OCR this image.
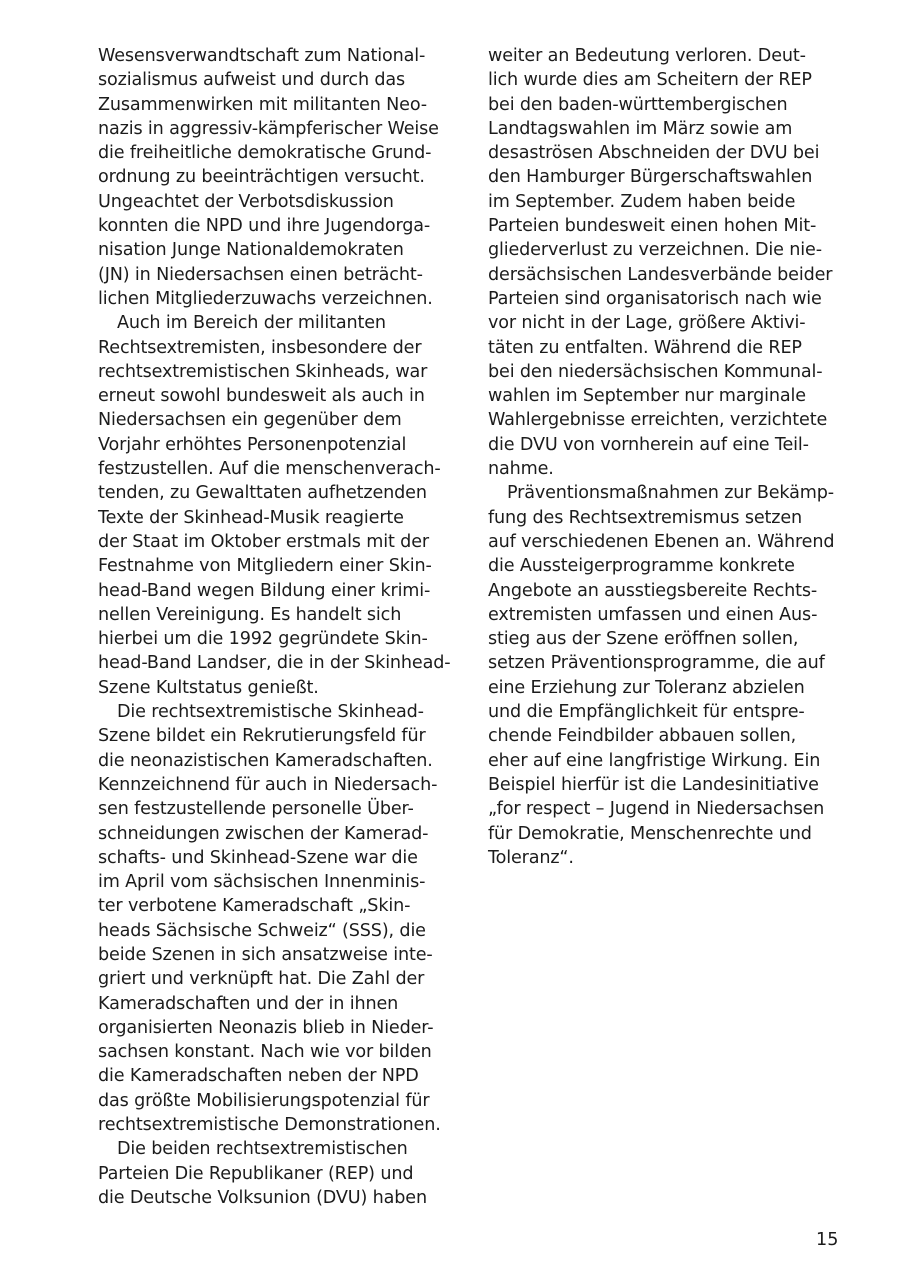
Wesensverwandtschaft zum National-
sozialismus aufweist und durch das
Zusammenwirken mit militanten Neo-
nazis in aggressiv-kämpferischer Weise
die freiheitliche demokratische Grund-
ordnung zu beeinträchtigen versucht.
Ungeachtet der Verbotsdiskussion
konnten die NPD und ihre Jugendorga-
nisation Junge Nationaldemokraten
(JN) in Niedersachsen einen beträcht-
lichen Mitgliederzuwachs verzeichnen.
Auch im Bereich der militanten
Rechtsextremisten, insbesondere der
rechtsextremistischen Skinheads, war
erneut sowohl bundesweit als auch in
Niedersachsen ein gegenüber dem
Vorjahr erhöhtes Personenpotenzial
festzustellen. Auf die menschenverach-
tenden, zu Gewalttaten aufhetzenden
Texte der Skinhead-Musik reagierte
der Staat im Oktober erstmals mit der
Festnahme von Mitgliedern einer Skin-
head-Band wegen Bildung einer krimi-
nellen Vereinigung. Es handelt sich
hierbei um die 1992 gegründete Skin-
head-Band Landser, die in der Skinhead-
Szene Kultstatus genießt.
Die rechtsextremistische Skinhead-
Szene bildet ein Rekrutierungsfeld für
die neonazistischen Kameradschaften.
Kennzeichnend für auch in Niedersach-
sen festzustellende personelle Über-
schneidungen zwischen der Kamerad-
schafts- und Skinhead-Szene war die
im April vom sächsischen Innenminis-
ter verbotene Kameradschaft „Skin-
heads Sächsische Schweiz“ (SSS), die
beide Szenen in sich ansatzweise inte-
griert und verknüpft hat. Die Zahl der
Kameradschaften und der in ihnen
organisierten Neonazis blieb in Nieder-
sachsen konstant. Nach wie vor bilden
die Kameradschaften neben der NPD
das größte Mobilisierungspotenzial für
rechtsextremistische Demonstrationen.
Die beiden rechtsextremistischen
Parteien Die Republikaner (REP) und
die Deutsche Volksunion (DVU) haben
weiter an Bedeutung verloren. Deut-
lich wurde dies am Scheitern der REP
bei den baden-württembergischen
Landtagswahlen im März sowie am
desaströsen Abschneiden der DVU bei
den Hamburger Bürgerschaftswahlen
im September. Zudem haben beide
Parteien bundesweit einen hohen Mit-
gliederverlust zu verzeichnen. Die nie-
dersächsischen Landesverbände beider
Parteien sind organisatorisch nach wie
vor nicht in der Lage, größere Aktivi-
täten zu entfalten. Während die REP
bei den niedersächsischen Kommunal-
wahlen im September nur marginale
Wahlergebnisse erreichten, verzichtete
die DVU von vornherein auf eine Teil-
nahme.
Präventionsmaßnahmen zur Bekämp-
fung des Rechtsextremismus setzen
auf verschiedenen Ebenen an. Während
die Aussteigerprogramme konkrete
Angebote an ausstiegsbereite Rechts-
extremisten umfassen und einen Aus-
stieg aus der Szene eröffnen sollen,
setzen Präventionsprogramme, die auf
eine Erziehung zur Toleranz abzielen
und die Empfänglichkeit für entspre-
chende Feindbilder abbauen sollen,
eher auf eine langfristige Wirkung. Ein
Beispiel hierfür ist die Landesinitiative
„for respect – Jugend in Niedersachsen
für Demokratie, Menschenrechte und
Toleranz“.
15
